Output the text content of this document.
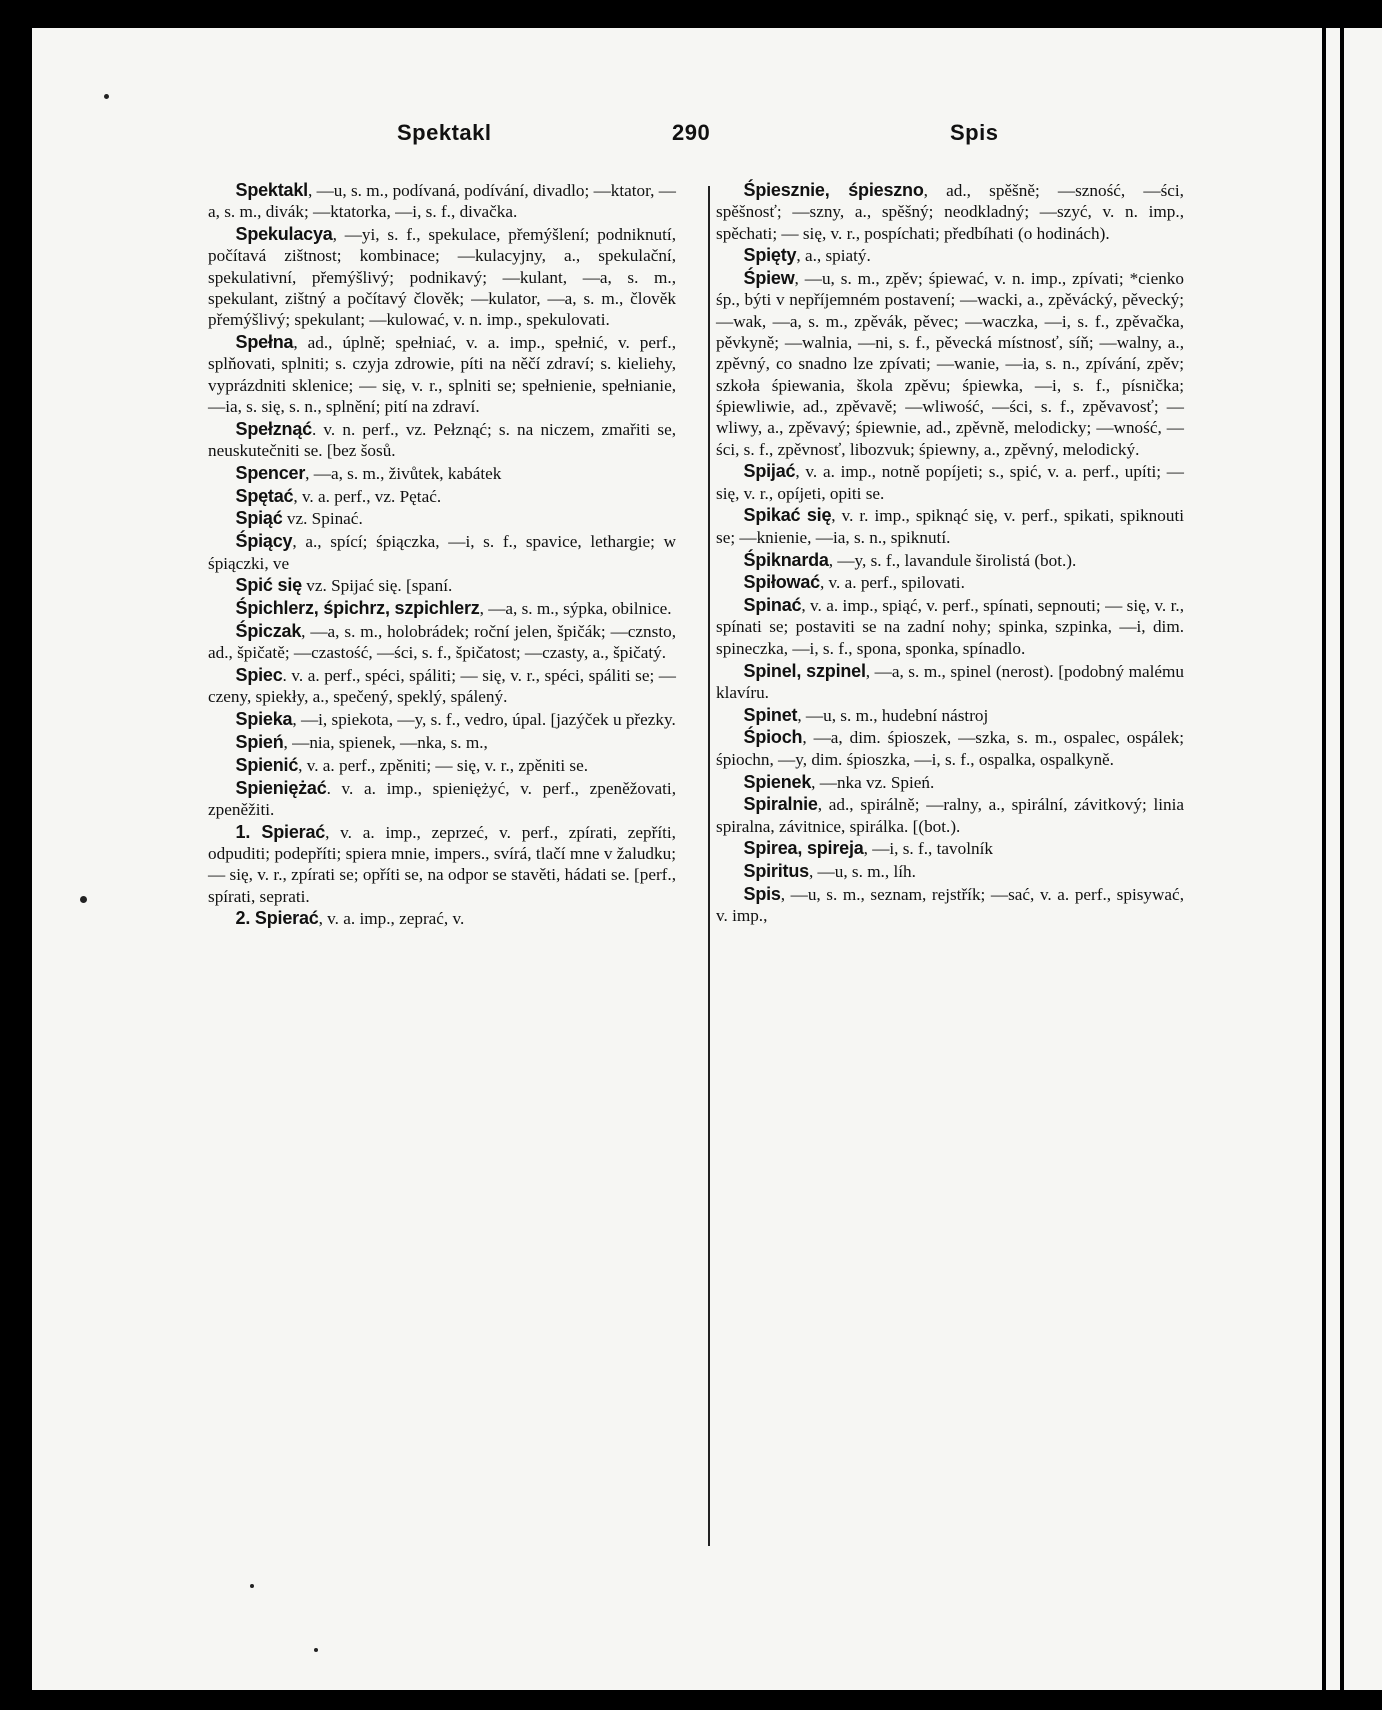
Spektakl	290	Spis

Spektakl, —u, s. m., podívaná, podívání, divadlo; —ktator, —a, s. m., divák; —ktatorka, —i, s. f., divačka.

Spekulacya, —yi, s. f., spekulace, přemýšlení; podniknutí, počítavá zištnost; kombinace; —kulacyjny, a., spekulační, spekulativní, přemýšlivý; podnikavý; —kulant, —a, s. m., spekulant, zištný a počítavý člověk; —kulator, —a, s. m., člověk přemýšlivý; spekulant; —kulować, v. n. imp., spekulovati.

Spełna, ad., úplně; spełniać, v. a. imp., spełnić, v. perf., splňovati, splniti; s. czyja zdrowie, píti na něčí zdraví; s. kieliehy, vyprázdniti sklenice; — się, v. r., splniti se; spełnienie, spełnianie, —ia, s. się, s. n., splnění; pití na zdraví.

Spełznąć. v. n. perf., vz. Pełznąć; s. na niczem, zmařiti se, neuskutečniti se. [bez šosů.

Spencer, —a, s. m., živůtek, kabátek

Spętać, v. a. perf., vz. Pętać.

Spiąć vz. Spinać.

Śpiący, a., spící; śpiączka, —i, s. f., spavice, lethargie; w śpiączki, ve

Spić się vz. Spijać się. [spaní.

Śpichlerz, śpichrz, szpichlerz, —a, s. m., sýpka, obilnice.

Śpiczak, —a, s. m., holobrádek; roční jelen, špičák; —cznsto, ad., špičatě; —czastość, —ści, s. f., špičatost; —czasty, a., špičatý.

Spiec. v. a. perf., spéci, spáliti; — się, v. r., spéci, spáliti se; —czeny, spiekły, a., spečený, speklý, spálený.

Spieka, —i, spiekota, —y, s. f., vedro, úpal. [jazýček u přezky.

Spień, —nia, spienek, —nka, s. m.,

Spienić, v. a. perf., zpěniti; — się, v. r., zpěniti se.

Spieniężać. v. a. imp., spieniężyć, v. perf., zpeněžovati, zpeněžiti.

1. Spierać, v. a. imp., zeprzeć, v. perf., zpírati, zepříti, odpuditi; podepříti; spiera mnie, impers., svírá, tlačí mne v žaludku; — się, v. r., zpírati se; opříti se, na odpor se stavěti, hádati se. [perf., spírati, seprati.

2. Spierać, v. a. imp., zeprać, v.

Śpiesznie, śpieszno, ad., spěšně; —szność, —ści, spěšnosť; —szny, a., spěšný; neodkladný; —szyć, v. n. imp., spěchati; — się, v. r., pospíchati; předbíhati (o hodinách).

Spięty, a., spiatý.

Śpiew, —u, s. m., zpěv; śpiewać, v. n. imp., zpívati; *cienko śp., býti v nepříjemném postavení; —wacki, a., zpěvácký, pěvecký; —wak, —a, s. m., zpěvák, pěvec; —waczka, —i, s. f., zpěvačka, pěvkyně; —walnia, —ni, s. f., pěvecká místnosť, síň; —walny, a., zpěvný, co snadno lze zpívati; —wanie, —ia, s. n., zpívání, zpěv; szkoła śpiewania, škola zpěvu; śpiewka, —i, s. f., písnička; śpiewliwie, ad., zpěvavě; —wliwość, —ści, s. f., zpěvavosť; —wliwy, a., zpěvavý; śpiewnie, ad., zpěvně, melodicky; —wność, —ści, s. f., zpěvnosť, libozvuk; śpiewny, a., zpěvný, melodický.

Spijać, v. a. imp., notně popíjeti; s., spić, v. a. perf., upíti; — się, v. r., opíjeti, opiti se.

Spikać się, v. r. imp., spiknąć się, v. perf., spikati, spiknouti se; —knienie, —ia, s. n., spiknutí.

Śpiknarda, —y, s. f., lavandule širolistá (bot.).

Spiłować, v. a. perf., spilovati.

Spinać, v. a. imp., spiąć, v. perf., spínati, sepnouti; — się, v. r., spínati se; postaviti se na zadní nohy; spinka, szpinka, —i, dim. spineczka, —i, s. f., spona, sponka, spínadlo.

Spinel, szpinel, —a, s. m., spinel (nerost). [podobný malému klavíru.

Spinet, —u, s. m., hudební nástroj

Śpioch, —a, dim. śpioszek, —szka, s. m., ospalec, ospálek; śpiochn, —y, dim. śpioszka, —i, s. f., ospalka, ospalkyně.

Spienek, —nka vz. Spień.

Spiralnie, ad., spirálně; —ralny, a., spirální, závitkový; linia spiralna, závitnice, spirálka. [(bot.).

Spirea, spireja, —i, s. f., tavolník

Spiritus, —u, s. m., líh.

Spis, —u, s. m., seznam, rejstřík; —sać, v. a. perf., spisywać, v. imp.,
